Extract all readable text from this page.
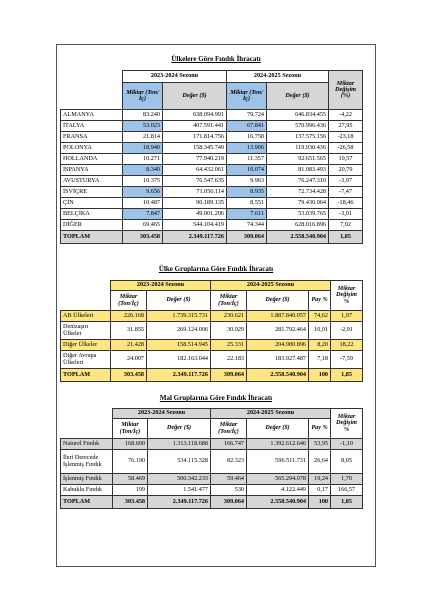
Ülkelere Göre Fındık İhracatı
	2023-2024 Sezonu		2024-2025 Sezonu		Miktar Değişim (%)
	Miktar (Ton/İç)	Değer ($)	Miktar (Ton/İç)	Değer ($)	
ALMANYA	83.240	638.094.991	79.724	646.834.455	-4,22
İTALYA	53.023	407.591.441	67.841	570.996.436	27,95
FRANSA	21.814	171.814.756	16.758	137.575.156	-23,18
POLONYA	18.940	158.345.749	13.906	119.930.436	-26,58
HOLLANDA	10.271	77.940.219	11.357	92.651.565	10,57
İSPANYA	8.340	64.432.061	10.074	81.083.493	20,79
AVUSTURYA	10.375	76.547.635	9.963	76.247.310	-3,97
İSVİÇRE	9.656	71.056.114	8.935	72.734.428	-7,47
ÇİN	10.487	90.189.135	8.551	79.430.964	-18,46
BELÇİKA	7.847	49.001.206	7.611	53.039.765	-3,01
DİĞER	69.465	544.104.419	74.344	628.016.896	7,02
TOPLAM	303.458	2.349.117.726	309.064	2.558.540.904	1,85
Ülke Gruplarına Göre Fındık İhracatı
	2023-2024 Sezonu		2024-2025 Sezonu			Miktar Değişim %
	Miktar (Ton/İç)	Değer ($)	Miktar (Ton/İç)	Değer ($)	Pay %	
AB Ülkeleri	226.168	1.739.315.731	230.621	1.887.840.057	74,62	1,97
Denizaşırı Ülkeler	31.855	269.124.006	30.929	281.792.464	10,01	-2,91
Diğer Ülkeler	21.428	158.514.945	25.331	204.980.896	8,20	18,22
Diğer Avrupa Ülkeleri	24.007	182.163.044	22.183	183.927.487	7,18	-7,59
TOPLAM	303.458	2.349.117.726	309.064	2.558.540.904	100	1,85
Mal Gruplarına Göre Fındık İhracatı
	2023-2024 Sezonu		2024-2025 Sezonu			Miktar Değişim %
	Miktar (Ton/İç)	Değer ($)	Miktar (Ton/İç)	Değer ($)	Pay %	
Naturel Fındık	168.600	1.313.118.688	166.747	1.392.612.646	53,95	-1,10
İleri Derecede İşlenmiş Fındık	76.190	534.115.328	82.323	596.511.731	26,64	8,05
İşlenmiş Fındık	58.469	500.342.233	59.464	565.294.078	19,24	1,70
Kabuklu Fındık	199	1.541.477	530	4.122.449	0,17	166,57
TOPLAM	303.458	2.349.117.726	309.064	2.558.540.904	100	1,85
